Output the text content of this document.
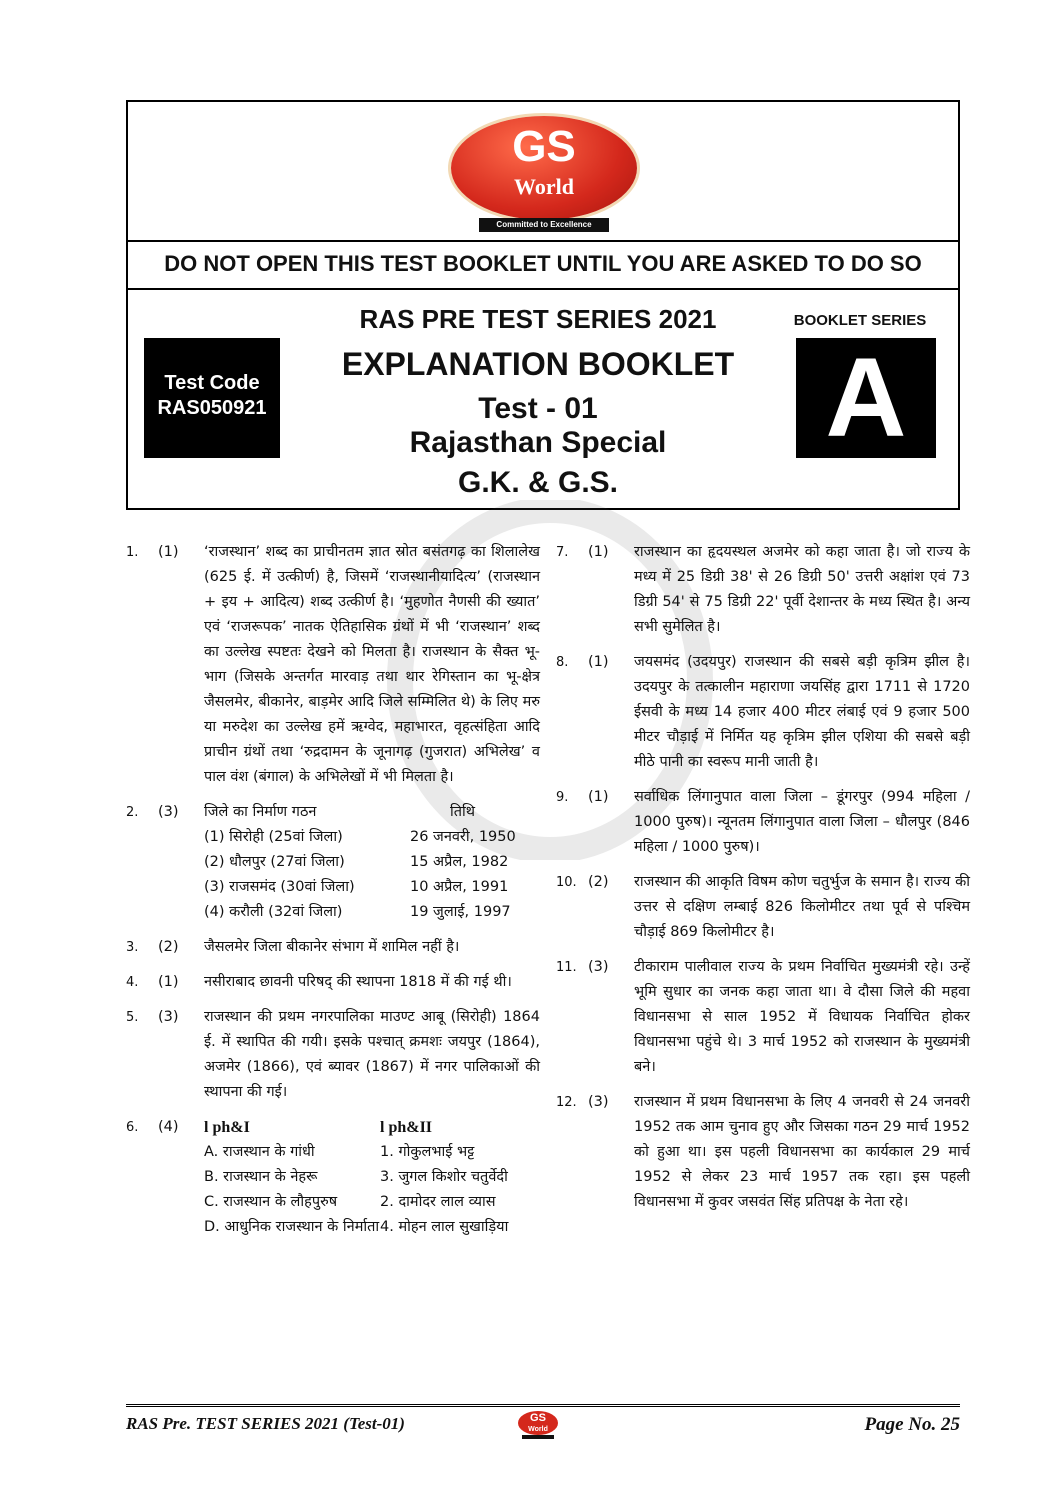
GS
World
Committed to Excellence
DO NOT OPEN THIS TEST BOOKLET UNTIL YOU ARE ASKED TO DO SO
Test Code
RAS050921
RAS PRE TEST SERIES 2021
EXPLANATION BOOKLET
Test - 01
Rajasthan Special
G.K. & G.S.
BOOKLET SERIES
A
1.	(1)	‘राजस्थान’ शब्द का प्राचीनतम ज्ञात स्रोत बसंतगढ़ का शिलालेख (625 ई. में उत्कीर्ण) है, जिसमें ‘राजस्थानीयादित्य’ (राजस्थान + इय + आदित्य) शब्द उत्कीर्ण है। ‘मुहणोत नैणसी की ख्यात’ एवं ‘राजरूपक’ नातक ऐतिहासिक ग्रंथों में भी ‘राजस्थान’ शब्द का उल्लेख स्पष्टतः देखने को मिलता है। राजस्थान के सैक्त भू-भाग (जिसके अन्तर्गत मारवाड़ तथा थार रेगिस्तान का भू-क्षेत्र जैसलमेर, बीकानेर, बाड़मेर आदि जिले सम्मिलित थे) के लिए मरु या मरुदेश का उल्लेख हमें ऋग्वेद, महाभारत, वृहत्संहिता आदि प्राचीन ग्रंथों तथा ‘रुद्रदामन के जूनागढ़ (गुजरात) अभिलेख’ व पाल वंश (बंगाल) के अभिलेखों में भी मिलता है।
2.	(3)	जिले का निर्माण गठन	तिथि
(1) सिरोही (25वां जिला)	26 जनवरी, 1950
(2) धौलपुर (27वां जिला)	15 अप्रैल, 1982
(3) राजसमंद (30वां जिला)	10 अप्रैल, 1991
(4) करौली (32वां जिला)	19 जुलाई, 1997
3.	(2)	जैसलमेर जिला बीकानेर संभाग में शामिल नहीं है।
4.	(1)	नसीराबाद छावनी परिषद् की स्थापना 1818 में की गई थी।
5.	(3)	राजस्थान की प्रथम नगरपालिका माउण्ट आबू (सिरोही) 1864 ई. में स्थापित की गयी। इसके पश्चात् क्रमशः जयपुर (1864), अजमेर (1866), एवं ब्यावर (1867) में नगर पालिकाओं की स्थापना की गई।
6.	(4)	l ph&I	l ph&II
A. राजस्थान के गांधी	1. गोकुलभाई भट्ट
B. राजस्थान के नेहरू	3. जुगल किशोर चतुर्वेदी
C. राजस्थान के लौहपुरुष	2. दामोदर लाल व्यास
D. आधुनिक राजस्थान के निर्माता 4. मोहन लाल सुखाड़िया
7.	(1)	राजस्थान का हृदयस्थल अजमेर को कहा जाता है। जो राज्य के मध्य में 25 डिग्री 38' से 26 डिग्री 50' उत्तरी अक्षांश एवं 73 डिग्री 54' से 75 डिग्री 22' पूर्वी देशान्तर के मध्य स्थित है। अन्य सभी सुमेलित है।
8.	(1)	जयसमंद (उदयपुर) राजस्थान की सबसे बड़ी कृत्रिम झील है। उदयपुर के तत्कालीन महाराणा जयसिंह द्वारा 1711 से 1720 ईसवी के मध्य 14 हजार 400 मीटर लंबाई एवं 9 हजार 500 मीटर चौड़ाई में निर्मित यह कृत्रिम झील एशिया की सबसे बड़ी मीठे पानी का स्वरूप मानी जाती है।
9.	(1)	सर्वाधिक लिंगानुपात वाला जिला – डूंगरपुर (994 महिला / 1000 पुरुष)। न्यूनतम लिंगानुपात वाला जिला – धौलपुर (846 महिला / 1000 पुरुष)।
10. (2)	राजस्थान की आकृति विषम कोण चतुर्भुज के समान है। राज्य की उत्तर से दक्षिण लम्बाई 826 किलोमीटर तथा पूर्व से पश्चिम चौड़ाई 869 किलोमीटर है।
11. (3)	टीकाराम पालीवाल राज्य के प्रथम निर्वाचित मुख्यमंत्री रहे। उन्हें भूमि सुधार का जनक कहा जाता था। वे दौसा जिले की महवा विधानसभा से साल 1952 में विधायक निर्वाचित होकर विधानसभा पहुंचे थे। 3 मार्च 1952 को राजस्थान के मुख्यमंत्री बने।
12. (3)	राजस्थान में प्रथम विधानसभा के लिए 4 जनवरी से 24 जनवरी 1952 तक आम चुनाव हुए और जिसका गठन 29 मार्च 1952 को हुआ था। इस पहली विधानसभा का कार्यकाल 29 मार्च 1952 से लेकर 23 मार्च 1957 तक रहा। इस पहली विधानसभा में कुवर जसवंत सिंह प्रतिपक्ष के नेता रहे।
RAS Pre. TEST SERIES 2021 (Test-01)	GS
World	Page No. 25
